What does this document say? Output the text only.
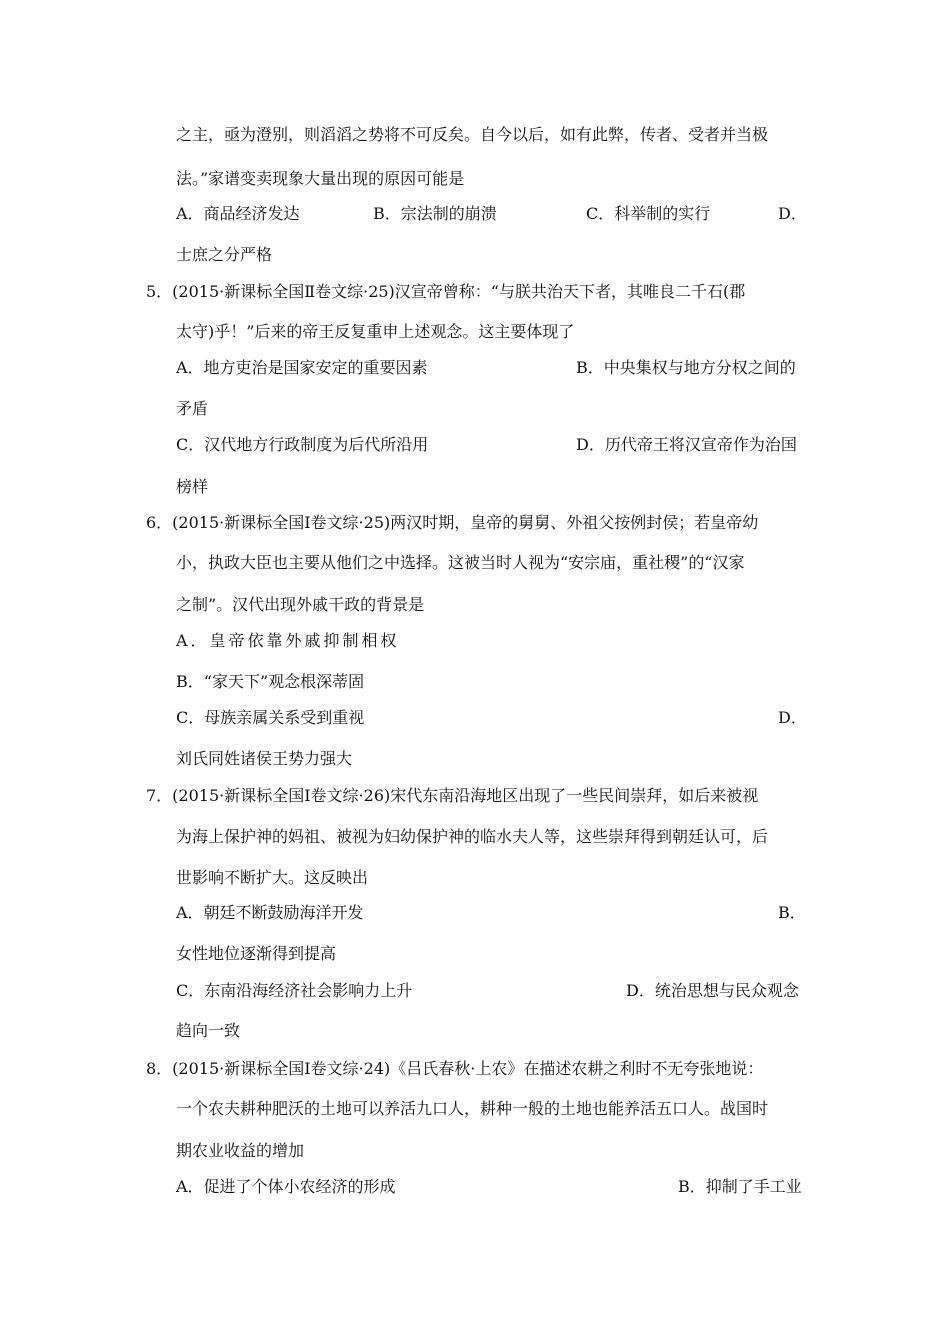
之主，亟为澄别，则滔滔之势将不可反矣。自今以后，如有此弊，传者、受者并当极
法。”家谱变卖现象大量出现的原因可能是
A．商品经济发达	B．宗法制的崩溃	C．科举制的实行	D．
士庶之分严格
5．(2015·新课标全国Ⅱ卷文综·25)汉宣帝曾称：“与朕共治天下者，其唯良二千石(郡
太守)乎！”后来的帝王反复重申上述观念。这主要体现了
A．地方吏治是国家安定的重要因素	B．中央集权与地方分权之间的
矛盾
C．汉代地方行政制度为后代所沿用	D．历代帝王将汉宣帝作为治国
榜样
6．(2015·新课标全国Ⅰ卷文综·25)两汉时期，皇帝的舅舅、外祖父按例封侯；若皇帝幼
小，执政大臣也主要从他们之中选择。这被当时人视为“安宗庙，重社稷”的“汉家
之制”。汉代出现外戚干政的背景是
A．皇帝依靠外戚抑制相权
B．“家天下”观念根深蒂固
C．母族亲属关系受到重视	D．
刘氏同姓诸侯王势力强大
7．(2015·新课标全国Ⅰ卷文综·26)宋代东南沿海地区出现了一些民间崇拜，如后来被视
为海上保护神的妈祖、被视为妇幼保护神的临水夫人等，这些崇拜得到朝廷认可，后
世影响不断扩大。这反映出
A．朝廷不断鼓励海洋开发	B．
女性地位逐渐得到提高
C．东南沿海经济社会影响力上升	D．统治思想与民众观念
趋向一致
8．(2015·新课标全国Ⅰ卷文综·24)《吕氏春秋·上农》在描述农耕之利时不无夸张地说：
一个农夫耕种肥沃的土地可以养活九口人，耕种一般的土地也能养活五口人。战国时
期农业收益的增加
A．促进了个体小农经济的形成	B．抑制了手工业
